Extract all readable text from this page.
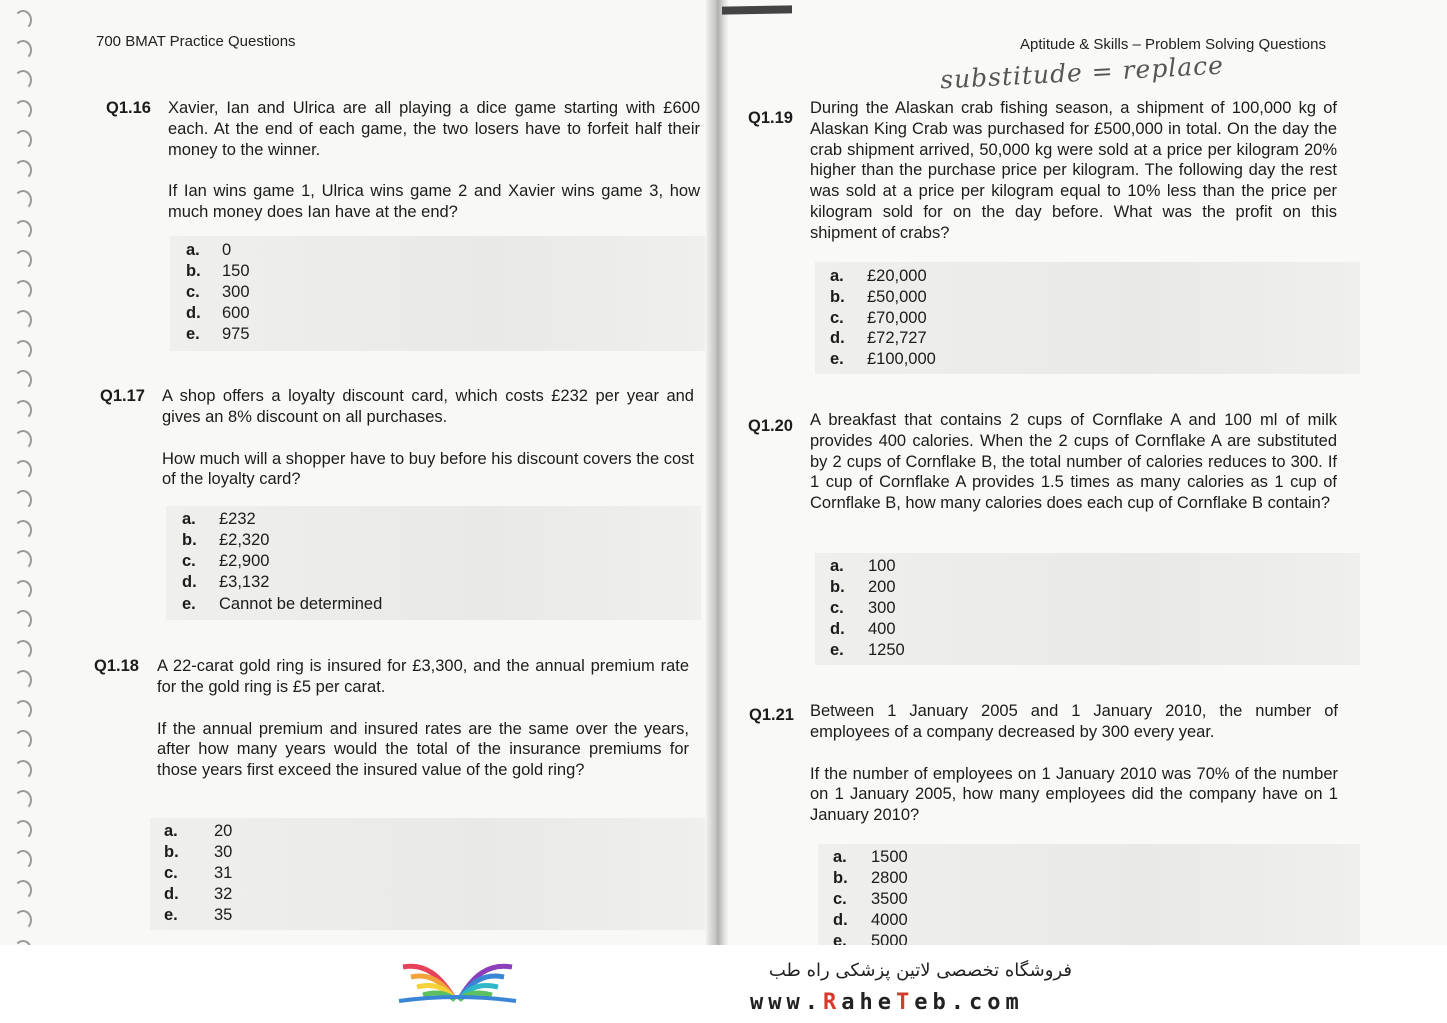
700 BMAT Practice Questions	Aptitude & Skills – Problem Solving Questions
substitude = replace
Q1.16 Xavier, Ian and Ulrica are all playing a dice game starting with £600 each. At the end of each game, the two losers have to forfeit half their money to the winner.

If Ian wins game 1, Ulrica wins game 2 and Xavier wins game 3, how much money does Ian have at the end?

a. 0
b. 150
c. 300
d. 600
e. 975
Q1.17 A shop offers a loyalty discount card, which costs £232 per year and gives an 8% discount on all purchases.

How much will a shopper have to buy before his discount covers the cost of the loyalty card?

a. £232
b. £2,320
c. £2,900
d. £3,132
e. Cannot be determined
Q1.18 A 22-carat gold ring is insured for £3,300, and the annual premium rate for the gold ring is £5 per carat.

If the annual premium and insured rates are the same over the years, after how many years would the total of the insurance premiums for those years first exceed the insured value of the gold ring?

a. 20
b. 30
c. 31
d. 32
e. 35
Q1.19

During the Alaskan crab fishing season, a shipment of 100,000 kg of Alaskan King Crab was purchased for £500,000 in total. On the day the crab shipment arrived, 50,000 kg were sold at a price per kilogram 20% higher than the purchase price per kilogram. The following day the rest was sold at a price per kilogram equal to 10% less than the price per kilogram sold for on the day before. What was the profit on this shipment of crabs?

a. £20,000
b. £50,000
c. £70,000
d. £72,727
e. £100,000
Q1.20 A breakfast that contains 2 cups of Cornflake A and 100 ml of milk provides 400 calories. When the 2 cups of Cornflake A are substituted by 2 cups of Cornflake B, the total number of calories reduces to 300. If 1 cup of Cornflake A provides 1.5 times as many calories as 1 cup of Cornflake B, how many calories does each cup of Cornflake B contain?

a. 100
b. 200
c. 300
d. 400
e. 1250
Q1.21 Between 1 January 2005 and 1 January 2010, the number of employees of a company decreased by 300 every year.

If the number of employees on 1 January 2010 was 70% of the number on 1 January 2005, how many employees did the company have on 1 January 2010?

a. 1500
b. 2800
c. 3500
d. 4000
e. 5000
فروشگاه تخصصی لاتین پزشکی راه طب
www.RaheTeb.com
